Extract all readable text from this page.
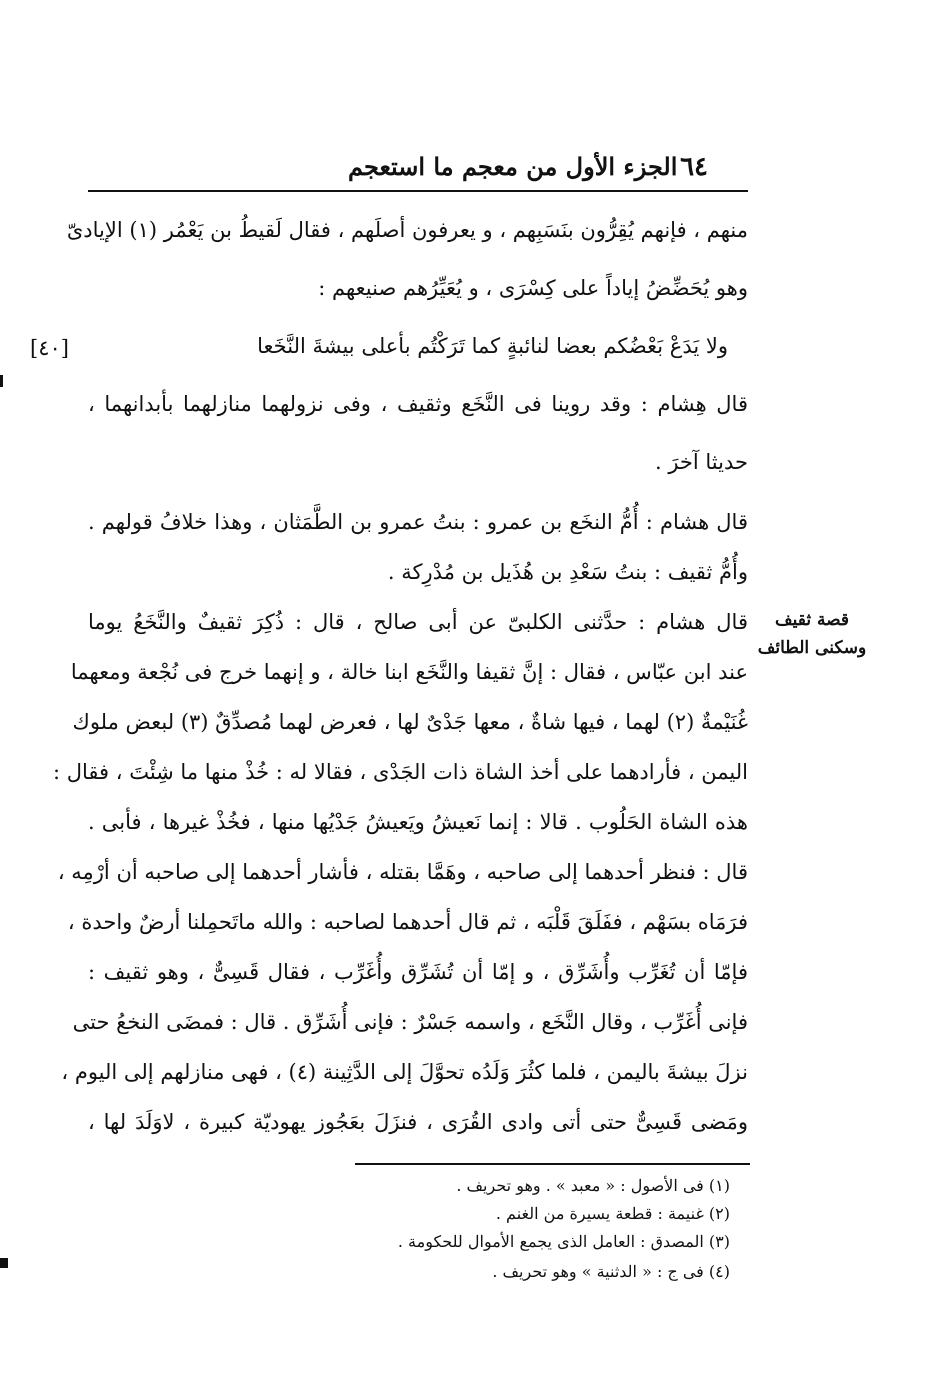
٦٤
الجزء الأول من معجم ما استعجم
[٤٠]
منهم ، فإنهم يُقِرُّون بنَسَبِهم ، و يعرفون أصلَهم ، فقال لَقيطُ بن يَعْمُر (١) الإيادىّ
وهو يُحَضِّضُ إياداً على كِسْرَى ، و يُعَيِّرُهم صنيعهم :
ولا يَدَعْ بَعْضُكم بعضا لنائبةٍ كما تَرَكْتُم بأعلى بيشةَ النَّخَعا
قال هِشام : وقد روينا فى النَّخَع وثقيف ، وفى نزولهما منازلهما بأبدانهما ،
حديثا آخرَ .
قال هشام : أُمُّ النخَع بن عمرو : بنتُ عمرو بن الطَّمَثان ، وهذا خلافُ قولهم .
وأُمُّ ثقيف : بنتُ سَعْدِ بن هُذَيل بن مُدْرِكة .
قال هشام : حدَّثنى الكلبىّ عن أبى صالح ، قال : ذُكِرَ ثقيفٌ والنَّخَعُ يوما
عند ابن عبّاس ، فقال : إنَّ ثقيفا والنَّخَع ابنا خالة ، و إنهما خرج فى نُجْعة ومعهما
غُنَيْمةٌ (٢) لهما ، فيها شاةٌ ، معها جَدْىٌ لها ، فعرض لهما مُصدِّقٌ (٣) لبعض ملوك
اليمن ، فأرادهما على أخذ الشاة ذات الجَدْى ، فقالا له : خُذْ منها ما شِئْتَ ، فقال :
هذه الشاة الحَلُوب . قالا : إنما نَعيشُ ويَعيشُ جَدْيُها منها ، فخُذْ غيرها ، فأبى .
قال : فنظر أحدهما إلى صاحبه ، وهَمَّا بقتله ، فأشار أحدهما إلى صاحبه أن أرْمِه ،
فرَمَاه بسَهْم ، ففَلَقَ قَلْبَه ، ثم قال أحدهما لصاحبه : والله ماتَحمِلنا أرضٌ واحدة ،
فإمّا أن تُغَرِّب وأُشَرِّق ، و إمّا أن تُشَرِّق وأُغَرِّب ، فقال قَسِىٌّ ، وهو ثقيف :
فإنى أُغَرِّب ، وقال النَّخَع ، واسمه جَسْرٌ : فإنى أُشَرِّق . قال : فمضَى النخعُ حتى
نزلَ بيشةَ باليمن ، فلما كثُرَ وَلَدُه تحوَّلَ إلى الدَّثِينة (٤) ، فهى منازلهم إلى اليوم ،
ومَضى قَسِىٌّ حتى أتى وادى القُرَى ، فنزَلَ بعَجُوز يهوديّة كبيرة ، لاوَلَدَ لها ،
قصة ثقيف
وسكنى الطائف
(١) فى الأصول : « معبد » . وهو تحريف .
(٢) غنيمة : قطعة يسيرة من الغنم .
(٣) المصدق : العامل الذى يجمع الأموال للحكومة .
(٤) فى ج : « الدثنية » وهو تحريف .
